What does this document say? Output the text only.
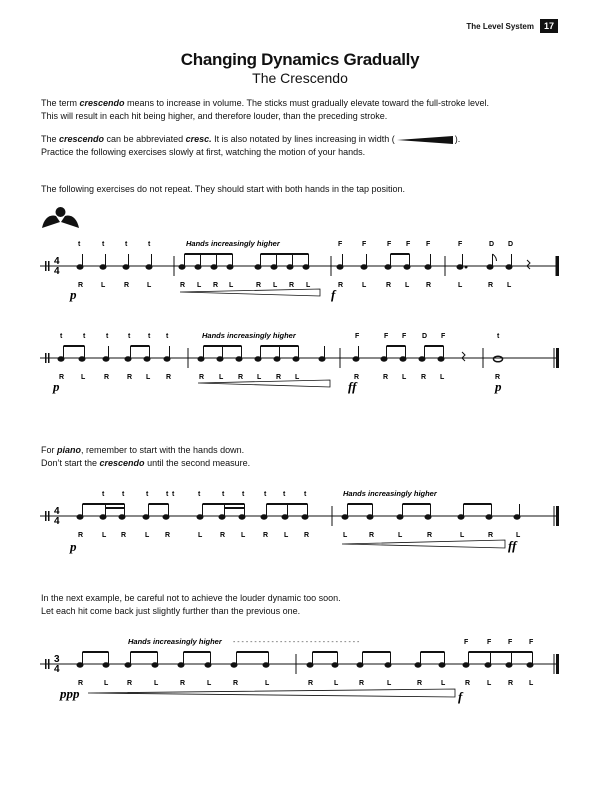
The Level System	17
Changing Dynamics Gradually
The Crescendo

The term crescendo means to increase in volume. The sticks must gradually elevate toward the full-stroke level.
This will result in each hit being higher, and therefore louder, than the preceding stroke.

The crescendo can be abbreviated cresc. It is also notated by lines increasing in width (	).
Practice the following exercises slowly at first, watching the motion of your hands.

The following exercises do not repeat. They should start with both hands in the tap position.

t	t	t	t	Hands increasingly higher	F	F	F F F	F	D D
4
4
R	L	R	L	R L R L	R L R L	R	L	R L R	L	R L
p	f
t	t	t	t	t t	Hands increasingly higher	F	F F D F	t
R L	R	R L R	R L R L R L	R	R L R L	R
p	ff	p

For piano, remember to start with the hands down.
Don’t start the crescendo until the second measure.

t	t	t	t	t	t	t	t t	t
t	Hands increasingly higher
4
4
R	L R	L R	L	R L	R L R	L	R	L	R	L	R	L
p	ff

In the next example, be careful not to achieve the louder dynamic too soon.
Let each hit come back just slightly further than the previous one.

Hands increasingly higher - - - - - - - - - - - - - - - - - - - - - - - - - - - - - -	F	F F F
3
4
R	L	R	L	R	L	R	L	R	L	R	L	R	L	R L R L
ppp	f
